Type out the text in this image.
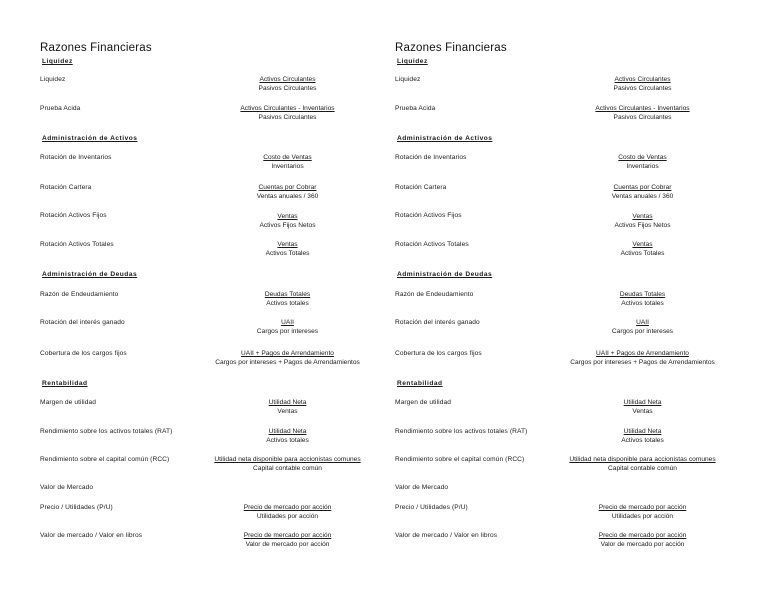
Razones Financieras
Liquidez
Liquidez	Activos Circulantes
Pasivos Circulantes
Prueba Acida	Activos Circulantes - Inventarios
Pasivos Circulantes
Administración de Activos
Rotación de Inventarios	Costo de Ventas
Inventarios
Rotación Cartera	Cuentas por Cobrar
Ventas anuales / 360
Rotación Activos Fijos	Ventas
Activos Fijos Netos
Rotación Activos Totales	Ventas
Activos Totales
Administración de Deudas
Razón de Endeudamiento	Deudas Totales
Activos totales
Rotación del interés ganado	UAII
Cargos por intereses
Cobertura de los cargos fijos	UAII + Pagos de Arrendamiento
Cargos por intereses + Pagos de Arrendamientos
Rentabilidad
Margen de utilidad	Utilidad Neta
Ventas
Rendimiento sobre los activos totales (RAT)	Utilidad Neta
Activos totales
Rendimiento sobre el capital común (RCC)	Utilidad neta disponible para accionistas comunes
Capital contable común
Valor de Mercado
Precio / Utilidades (P/U)	Precio de mercado por acción
Utilidades por acción
Valor de mercado / Valor en libros	Precio de mercado por acción
Valor de mercado por acción
Razones Financieras
Liquidez
Liquidez	Activos Circulantes
Pasivos Circulantes
Prueba Acida	Activos Circulantes - Inventarios
Pasivos Circulantes
Administración de Activos
Rotación de Inventarios	Costo de Ventas
Inventarios
Rotación Cartera	Cuentas por Cobrar
Ventas anuales / 360
Rotación Activos Fijos	Ventas
Activos Fijos Netos
Rotación Activos Totales	Ventas
Activos Totales
Administración de Deudas
Razón de Endeudamiento	Deudas Totales
Activos totales
Rotación del interés ganado	UAII
Cargos por intereses
Cobertura de los cargos fijos	UAII + Pagos de Arrendamiento
Cargos por intereses + Pagos de Arrendamientos
Rentabilidad
Margen de utilidad	Utilidad Neta
Ventas
Rendimiento sobre los activos totales (RAT)	Utilidad Neta
Activos totales
Rendimiento sobre el capital común (RCC)	Utilidad neta disponible para accionistas comunes
Capital contable común
Valor de Mercado
Precio / Utilidades (P/U)	Precio de mercado por acción
Utilidades por acción
Valor de mercado / Valor en libros	Precio de mercado por acción
Valor de mercado por acción
